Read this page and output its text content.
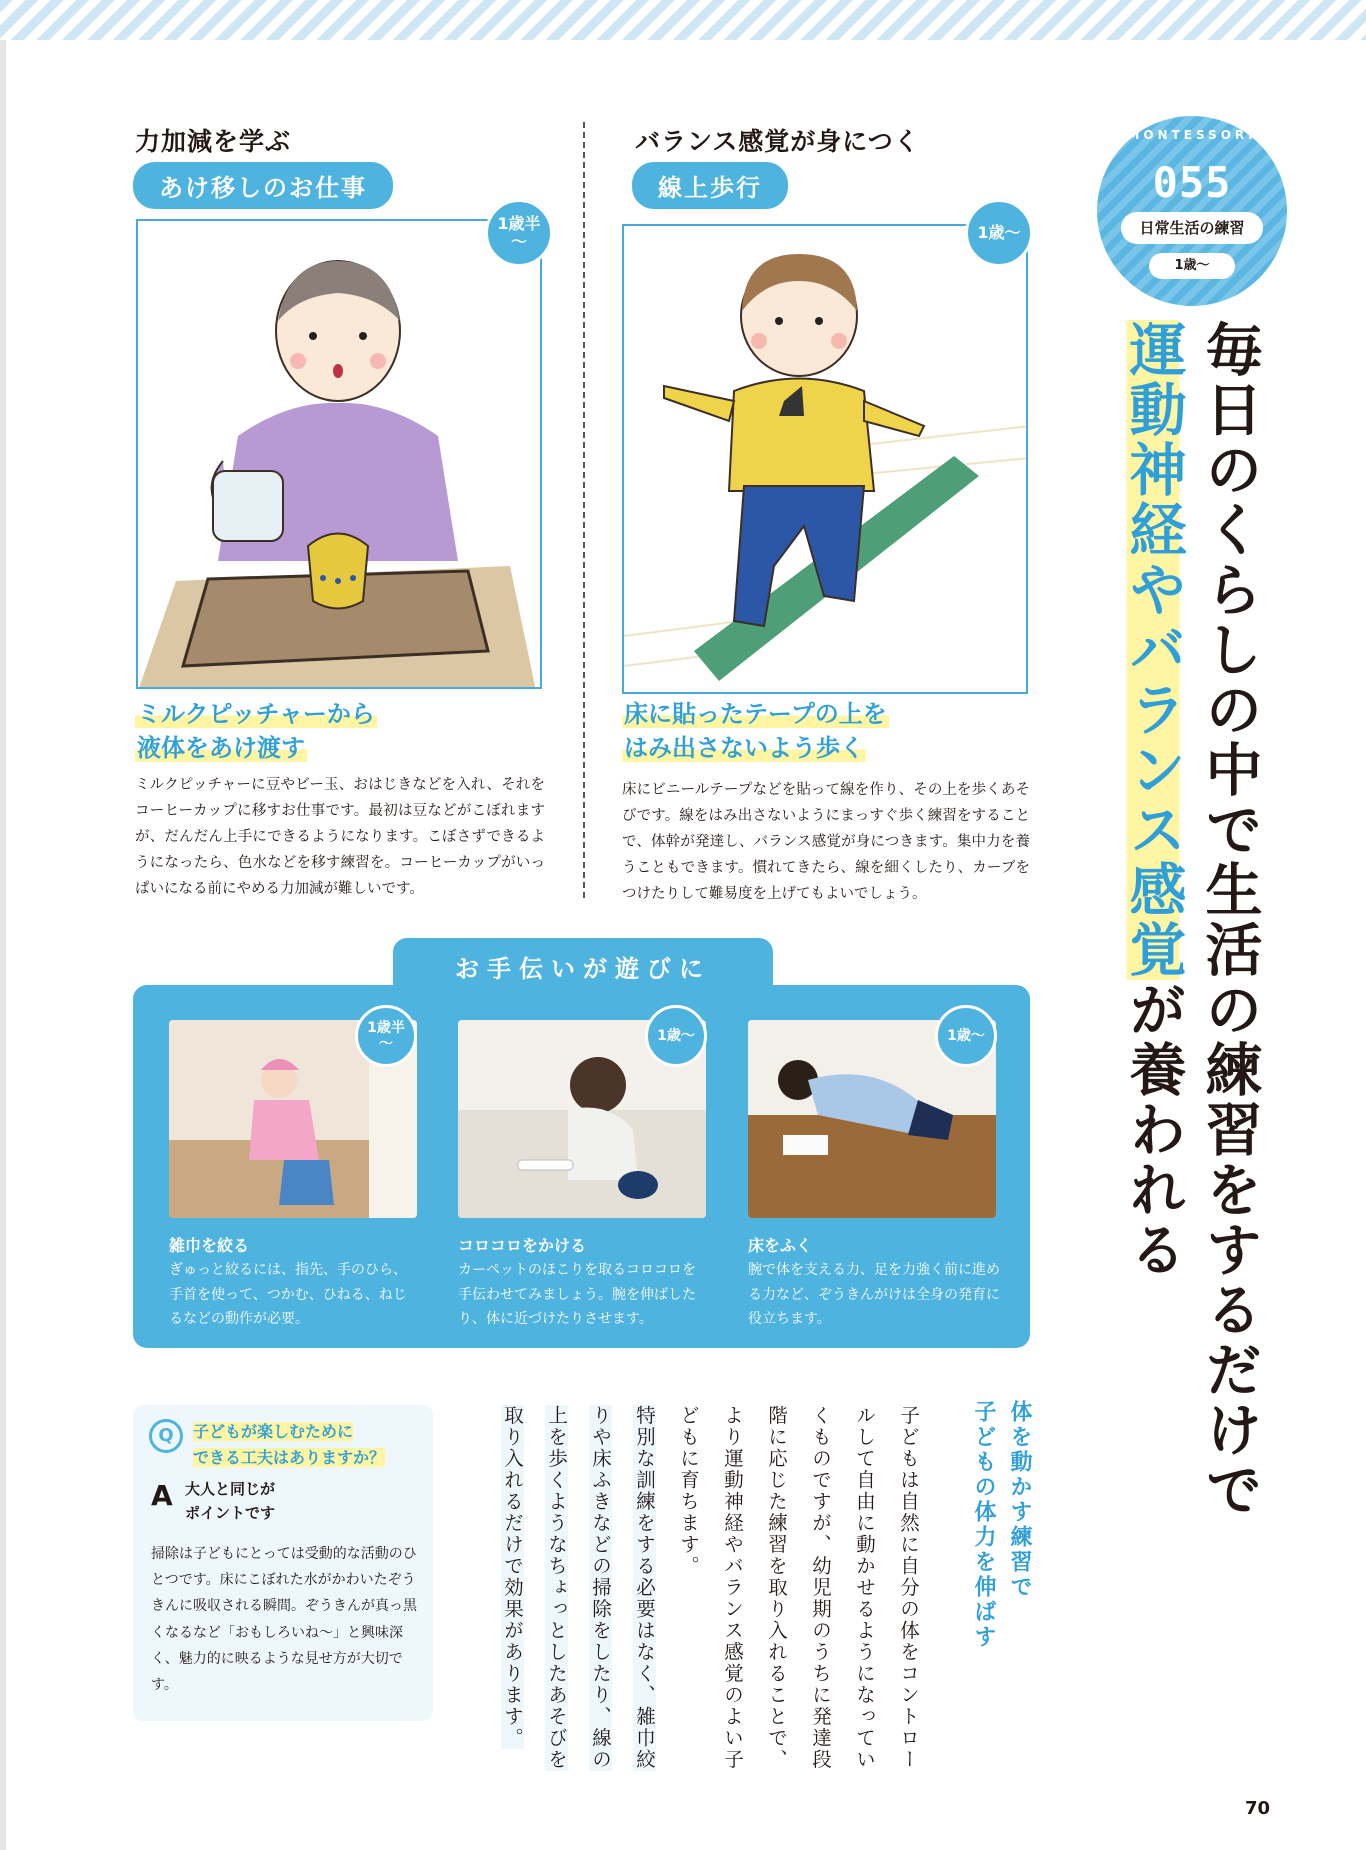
MONTESSORI
055
日常生活の練習
1歳～
毎日のくらしの中で生活の練習をするだけで
運動神経やバランス感覚が養われる
力加減を学ぶ
あけ移しのお仕事
1歳半
～
ミルクピッチャーから
液体をあけ渡す
ミルクピッチャーに豆やビー玉、おはじきなどを入れ、それをコーヒーカップに移すお仕事です。最初は豆などがこぼれますが、だんだん上手にできるようになります。こぼさずできるようになったら、色水などを移す練習を。コーヒーカップがいっぱいになる前にやめる力加減が難しいです。
バランス感覚が身につく
線上歩行
1歳～
床に貼ったテープの上を
はみ出さないよう歩く
床にビニールテープなどを貼って線を作り、その上を歩くあそびです。線をはみ出さないようにまっすぐ歩く練習をすることで、体幹が発達し、バランス感覚が身につきます。集中力を養うこともできます。慣れてきたら、線を細くしたり、カーブをつけたりして難易度を上げてもよいでしょう。
お手伝いが遊びに
1歳半
～
雑巾を絞る
ぎゅっと絞るには、指先、手のひら、手首を使って、つかむ、ひねる、ねじるなどの動作が必要。
1歳～
コロコロをかける
カーペットのほこりを取るコロコロを手伝わせてみましょう。腕を伸ばしたり、体に近づけたりさせます。
1歳～
床をふく
腕で体を支える力、足を力強く前に進める力など、ぞうきんがけは全身の発育に役立ちます。
Q	子どもが楽しむために
できる工夫はありますか？
A 大人と同じが
ポイントです
掃除は子どもにとっては受動的な活動のひとつです。床にこぼれた水がかわいたぞうきんに吸収される瞬間。ぞうきんが真っ黒くなるなど「おもしろいね～」と興味深く、魅力的に映るような見せ方が大切です。
体を動かす練習で
子どもの体力を伸ばす
子どもは自然に自分の体をコントロールして自由に動かせるようになっていくものですが、幼児期のうちに発達段階に応じた練習を取り入れることで、より運動神経やバランス感覚のよい子どもに育ちます。
特別な訓練をする必要はなく、雑巾絞りや床ふきなどの掃除をしたり、線の上を歩くようなちょっとしたあそびを取り入れるだけで効果があります。
70
